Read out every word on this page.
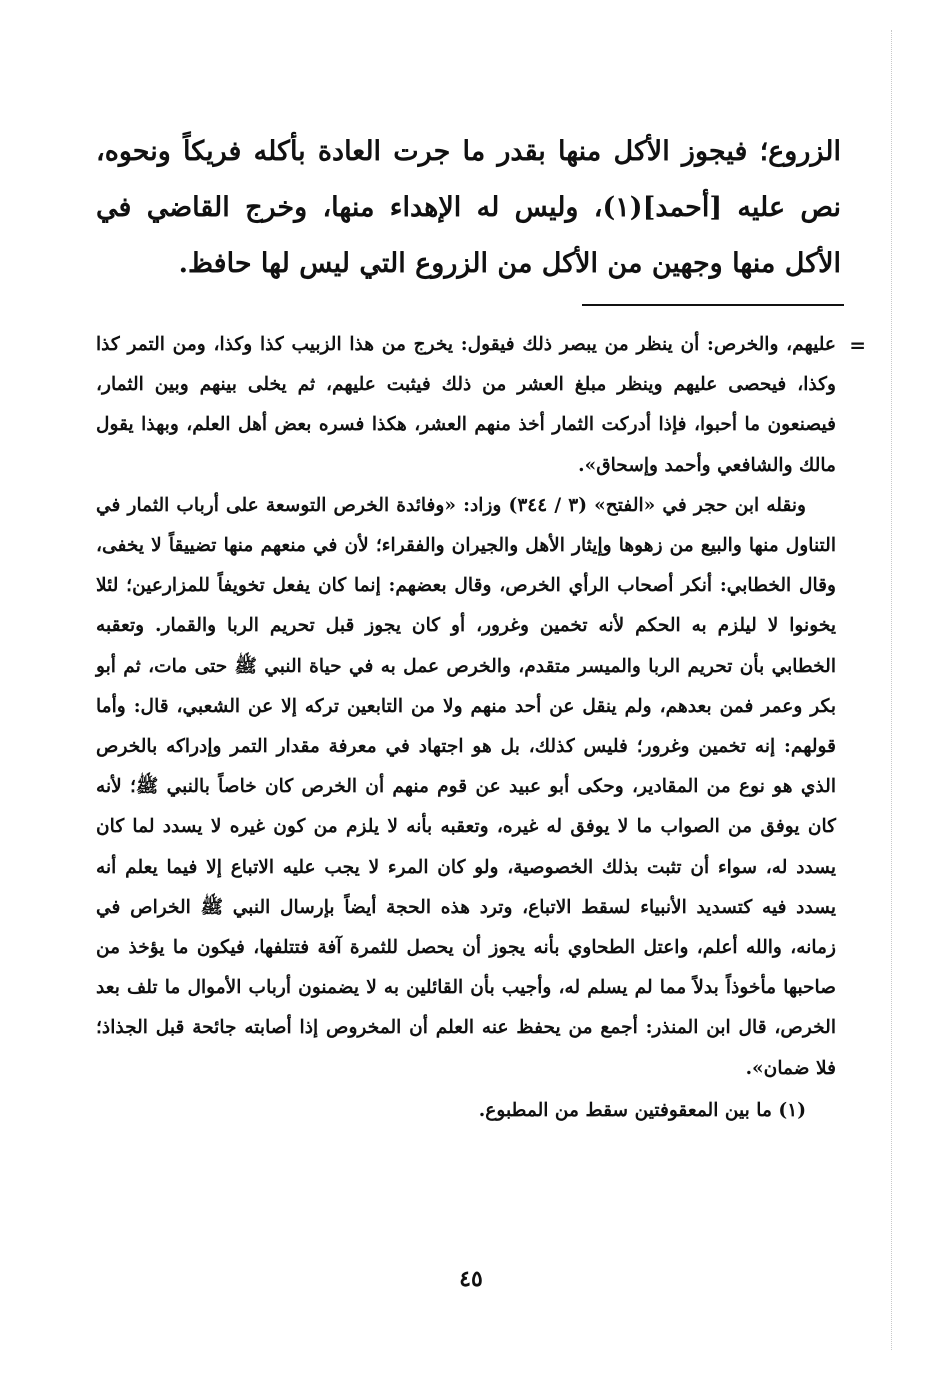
الزروع؛ فيجوز الأكل منها بقدر ما جرت العادة بأكله فريكاً ونحوه، نص عليه [أحمد](١)، وليس له الإهداء منها، وخرج القاضي في الأكل منها وجهين من الأكل من الزروع التي ليس لها حافظ.

=
عليهم، والخرص: أن ينظر من يبصر ذلك فيقول: يخرج من هذا الزبيب كذا وكذا، ومن التمر كذا وكذا، فيحصى عليهم وينظر مبلغ العشر من ذلك فيثبت عليهم، ثم يخلى بينهم وبين الثمار، فيصنعون ما أحبوا، فإذا أدركت الثمار أخذ منهم العشر، هكذا فسره بعض أهل العلم، وبهذا يقول مالك والشافعي وأحمد وإسحاق».

ونقله ابن حجر في «الفتح» (٣ / ٣٤٤) وزاد: «وفائدة الخرص التوسعة على أرباب الثمار في التناول منها والبيع من زهوها وإيثار الأهل والجيران والفقراء؛ لأن في منعهم منها تضييقاً لا يخفى، وقال الخطابي: أنكر أصحاب الرأي الخرص، وقال بعضهم: إنما كان يفعل تخويفاً للمزارعين؛ لئلا يخونوا لا ليلزم به الحكم لأنه تخمين وغرور، أو كان يجوز قبل تحريم الربا والقمار. وتعقبه الخطابي بأن تحريم الربا والميسر متقدم، والخرص عمل به في حياة النبي ﷺ حتى مات، ثم أبو بكر وعمر فمن بعدهم، ولم ينقل عن أحد منهم ولا من التابعين تركه إلا عن الشعبي، قال: وأما قولهم: إنه تخمين وغرور؛ فليس كذلك، بل هو اجتهاد في معرفة مقدار التمر وإدراكه بالخرص الذي هو نوع من المقادير، وحكى أبو عبيد عن قوم منهم أن الخرص كان خاصاً بالنبي ﷺ؛ لأنه كان يوفق من الصواب ما لا يوفق له غيره، وتعقبه بأنه لا يلزم من كون غيره لا يسدد لما كان يسدد له، سواء أن تثبت بذلك الخصوصية، ولو كان المرء لا يجب عليه الاتباع إلا فيما يعلم أنه يسدد فيه كتسديد الأنبياء لسقط الاتباع، وترد هذه الحجة أيضاً بإرسال النبي ﷺ الخراص في زمانه، والله أعلم، واعتل الطحاوي بأنه يجوز أن يحصل للثمرة آفة فتتلفها، فيكون ما يؤخذ من صاحبها مأخوذاً بدلاً مما لم يسلم له، وأجيب بأن القائلين به لا يضمنون أرباب الأموال ما تلف بعد الخرص، قال ابن المنذر: أجمع من يحفظ عنه العلم أن المخروص إذا أصابته جائحة قبل الجذاذ؛ فلا ضمان».

(١) ما بين المعقوفتين سقط من المطبوع.

٤٥
